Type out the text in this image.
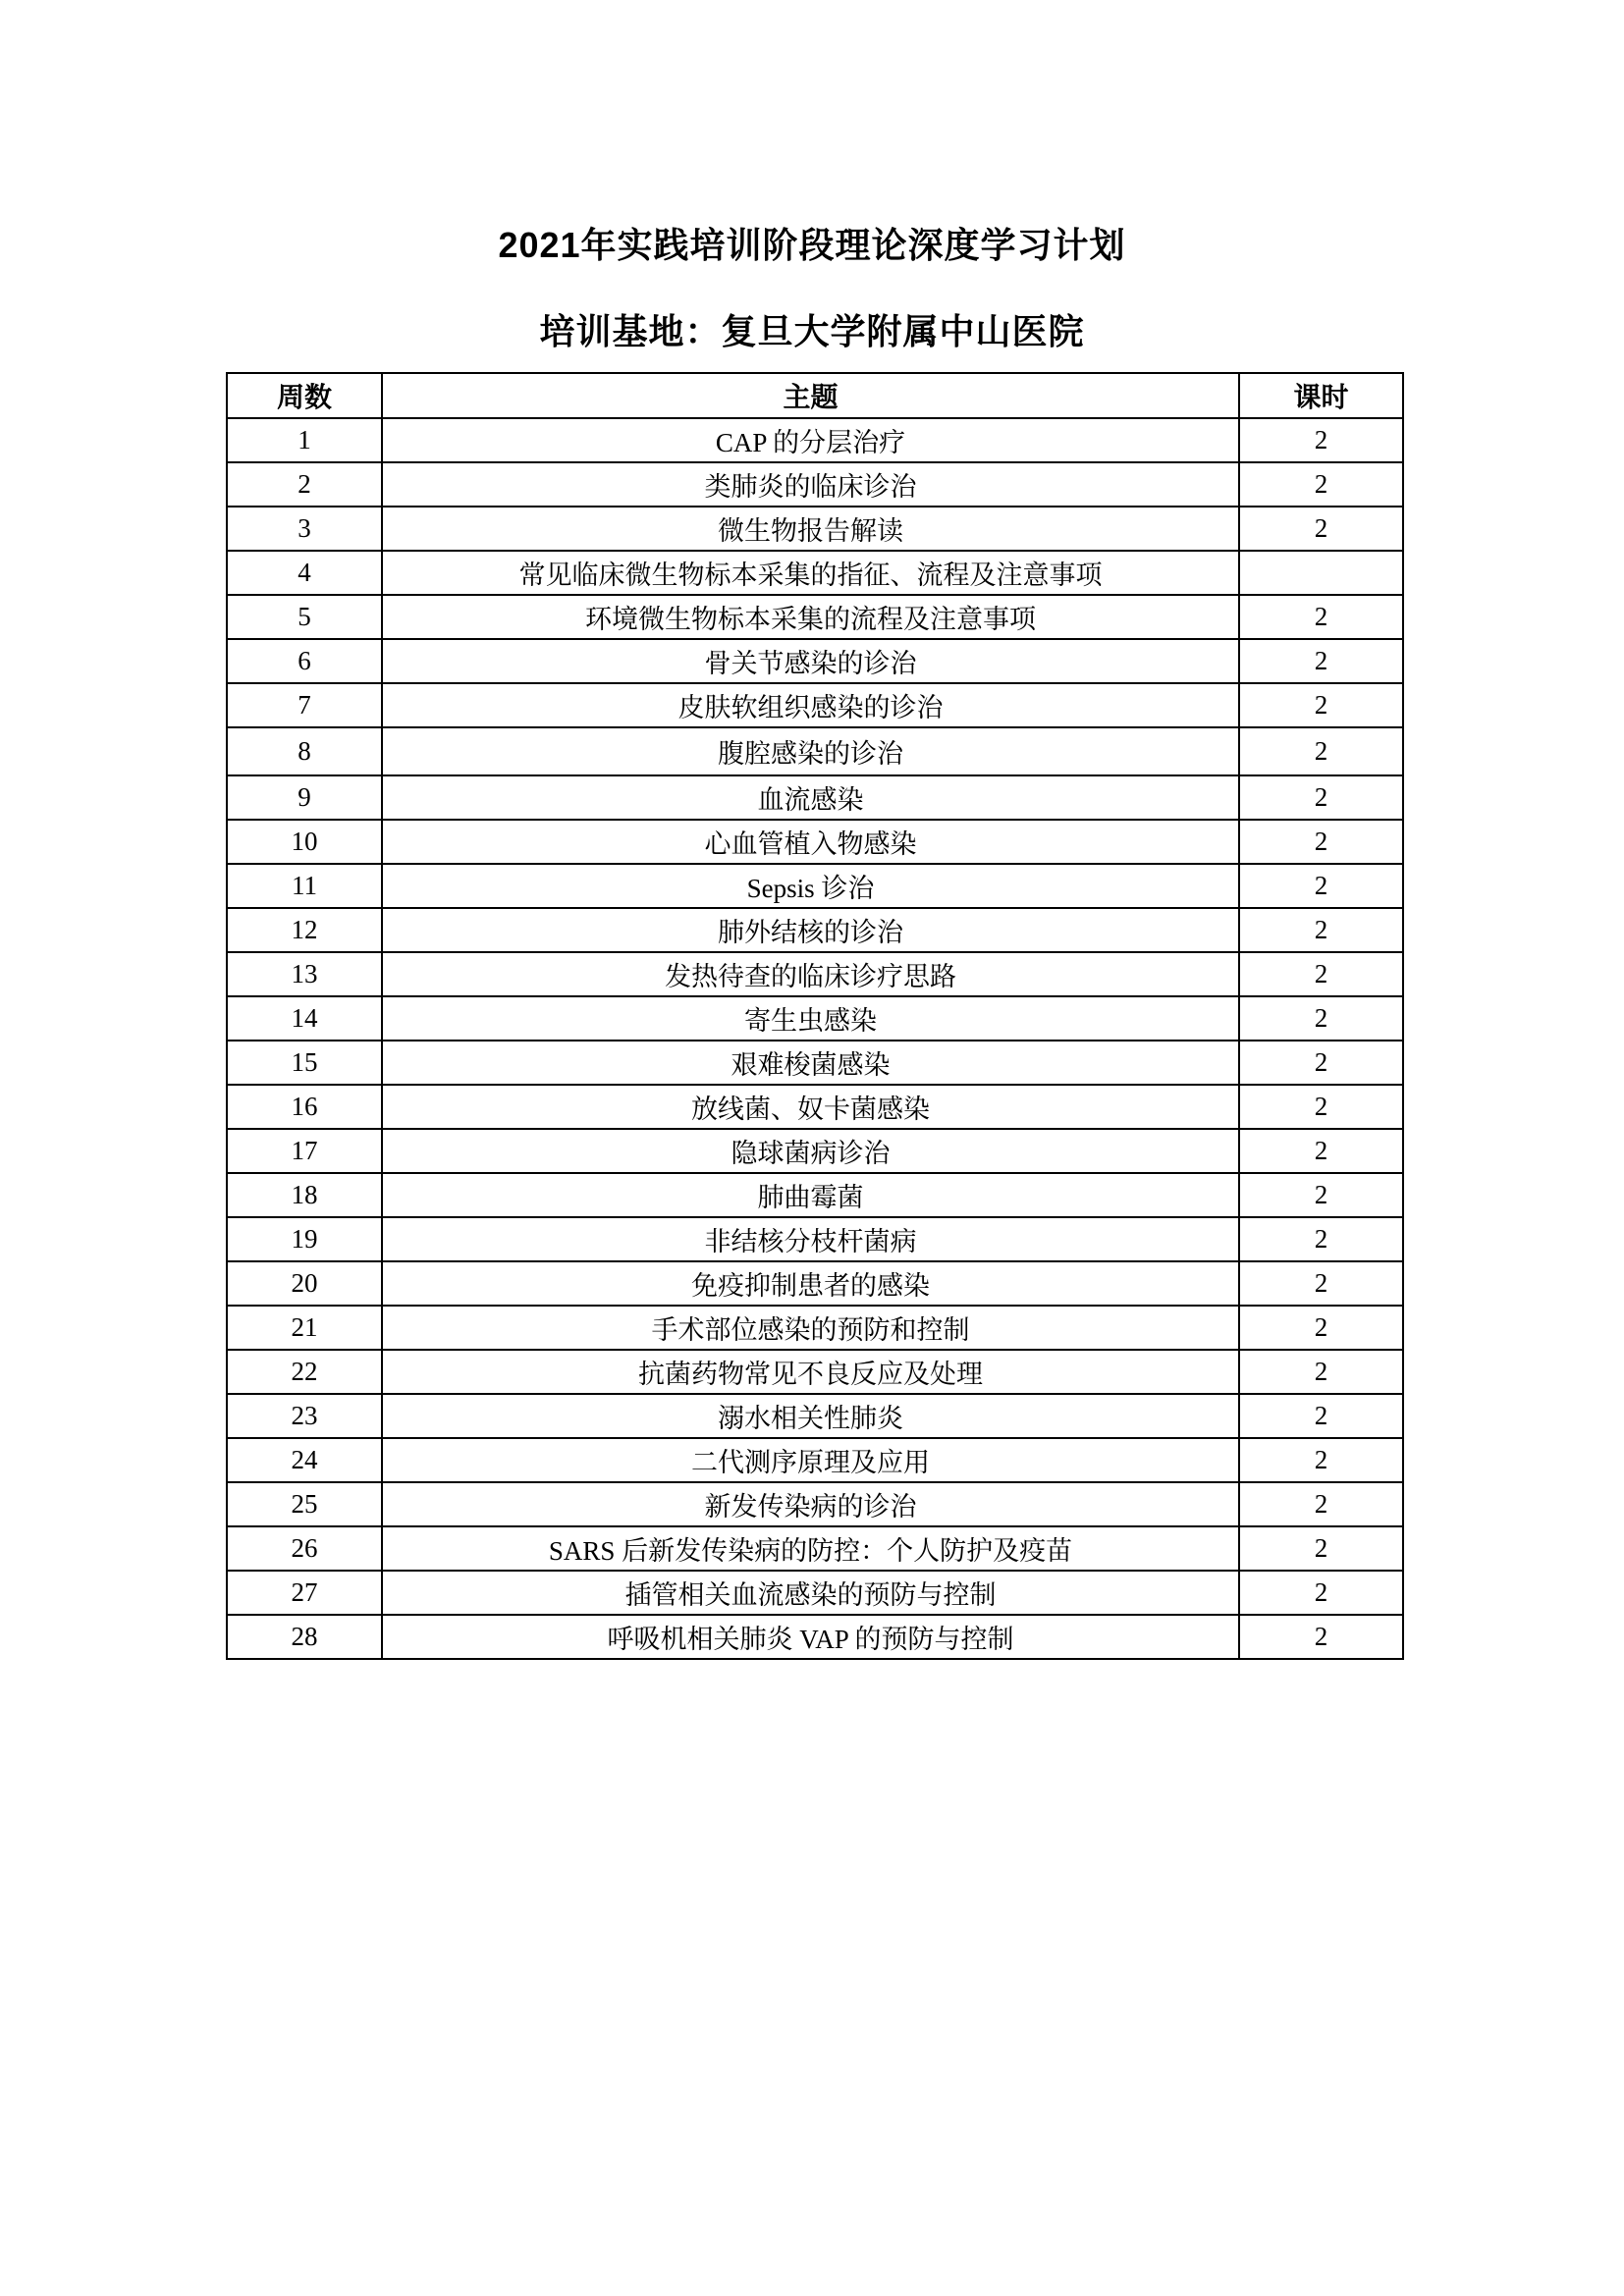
2021年实践培训阶段理论深度学习计划
培训基地：复旦大学附属中山医院
周数	主题	课时
1	CAP 的分层治疗	2
2	类肺炎的临床诊治	2
3	微生物报告解读	2
4	常见临床微生物标本采集的指征、流程及注意事项	
5	环境微生物标本采集的流程及注意事项	2
6	骨关节感染的诊治	2
7	皮肤软组织感染的诊治	2
8	腹腔感染的诊治	2
9	血流感染	2
10	心血管植入物感染	2
11	Sepsis 诊治	2
12	肺外结核的诊治	2
13	发热待查的临床诊疗思路	2
14	寄生虫感染	2
15	艰难梭菌感染	2
16	放线菌、奴卡菌感染	2
17	隐球菌病诊治	2
18	肺曲霉菌	2
19	非结核分枝杆菌病	2
20	免疫抑制患者的感染	2
21	手术部位感染的预防和控制	2
22	抗菌药物常见不良反应及处理	2
23	溺水相关性肺炎	2
24	二代测序原理及应用	2
25	新发传染病的诊治	2
26	SARS 后新发传染病的防控：个人防护及疫苗	2
27	插管相关血流感染的预防与控制	2
28	呼吸机相关肺炎 VAP 的预防与控制	2
